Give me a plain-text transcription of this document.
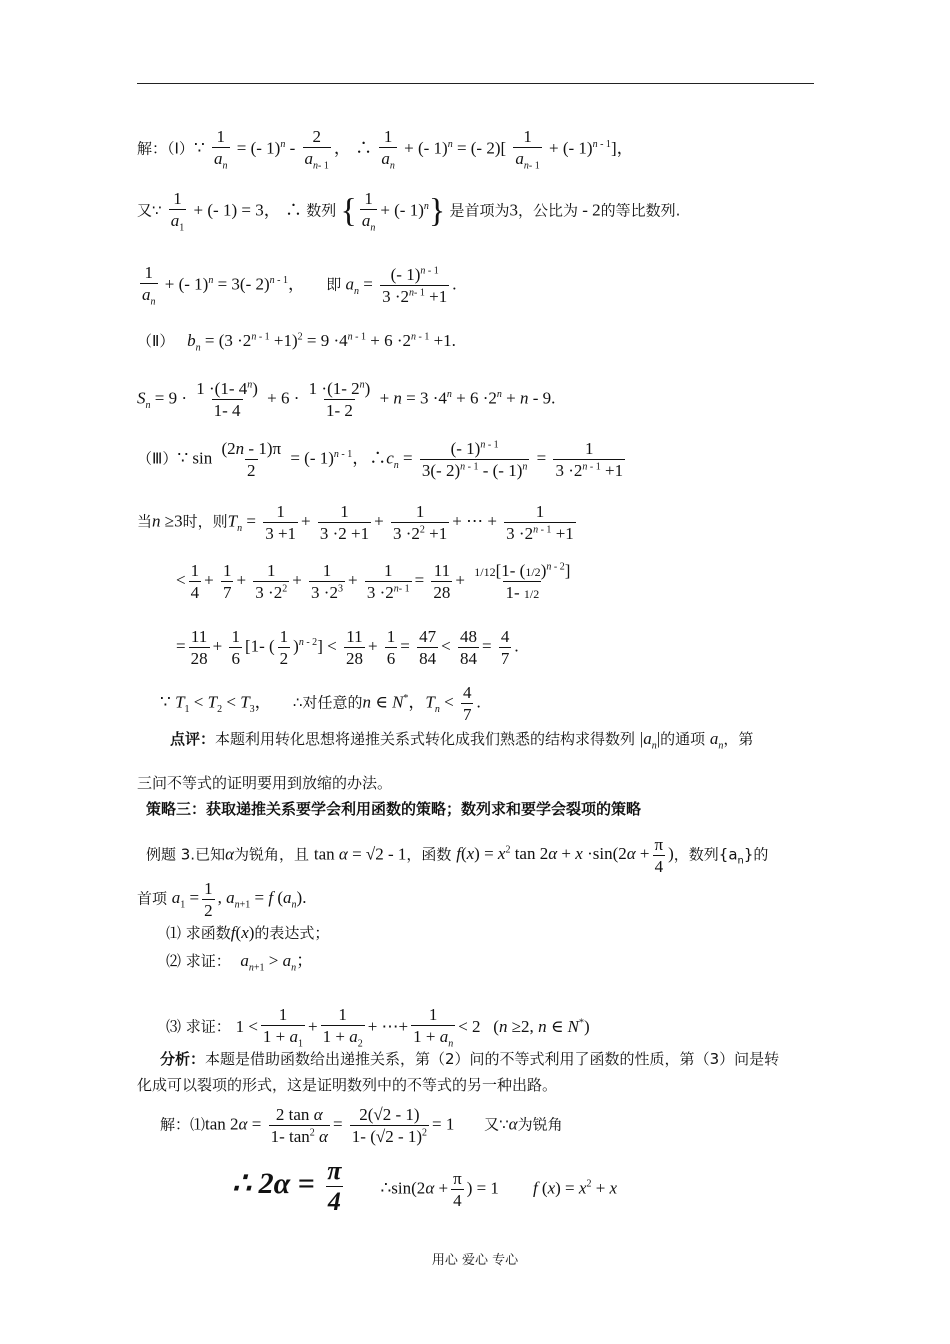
解：（Ⅰ）∵ $\frac{1}{a_n}$ = (- $1)^n - \frac{2}{a_{n- 1}}$ ， ∴ $\frac{1}{a_n}$ + (- 1)$^n$ = (- $2)[ \frac{1}{a_{n- 1}}$ + (- 1)$^n$ $^{- 1}$]，
又∵ $\frac{1}{a_1}$ + (- 1) = 3， ∴ 数列 { $\frac{1}{a_n}$ + (- 1)$^n$} 是首项为3，公比为 - 2的等比数列.
$\frac{1}{a_n}$ + (- 1)$^n$ = 3(- 2)$^n$ $^{- 1}$，     即 $a_n = \frac{(- 1)^n ^{- 1}}{3 \cdot 2^{n- 1} +1}$ .
（Ⅱ） $b_n = (3 \cdot 2^n$ $^{- 1} +1)^2 = 9 \cdot 4^n$ $^{- 1} + 6 \cdot 2^n$ $^{- 1}$ +1.
$S_n = 9 \cdot \frac{1 \cdot(1- 4^n)}{1- 4} + 6 \cdot \frac{1 \cdot(1- 2^n)}{1- 2} + n = 3 \cdot 4^n + 6 \cdot 2^n + n - 9$.
（Ⅲ）∵ $\sin \frac{(2n - 1)\pi}{2}$ = (- 1)$^n$ $^{- 1}$，$\therefore c_n = \frac{(- 1)^n ^{- 1}}{3(- 2)^n ^{- 1} - (- 1)^n} = \frac{1}{3 \cdot 2^n ^{- 1} +1}$
当n ≥3时，则$T_n = \frac{1}{3 +1} + \frac{1}{3 \cdot 2 +1} + \frac{1}{3 \cdot 2^2 +1}$ + ⋯ + $\frac{1}{3 \cdot 2^n ^{- 1} +1}$
< $\frac{1}{4} + \frac{1}{7} + \frac{1}{3 \cdot 2^2} + \frac{1}{3 \cdot 2^3} + \frac{1}{3 \cdot 2^{n- 1}} = \frac{11}{28} + \frac{1/12[1- (1/2)^n ^{- 2}]}{1- 1/2}$
= $\frac{11}{28} + \frac{1}{6} [1-$ ( $\frac{1}{2} )^n$ $^{- 2}] < \frac{11}{28} + \frac{1}{6} = \frac{47}{84} < \frac{48}{84} = \frac{4}{7}$ .
∵ $T_1 < T_2 < T_3$，     ∴对任意的n ∈ N*，$T_n < \frac{4}{7}$ .
点评：本题利用转化思想将递推关系式转化成我们熟悉的结构求得数列 $|a_n|$的通项 $a_n$，第
三问不等式的证明要用到放缩的办法。
策略三：获取递推关系要学会利用函数的策略；数列求和要学会裂项的策略
例题 3.已知α为锐角，且 tan α = √2 - 1，函数 $f(x) = x^2$ $\tan 2\alpha + x \cdot\sin(2\alpha + \frac{\pi}{4}$ )，数列$\{a_n\}$的
首项 $a_1 = \frac{1}{2}$ , $a_{n+1} = f$ $(a_n)$.
⑴ 求函数f(x)的表达式；
⑵ 求证： $a_{n+1} > a_n$；
⑶ 求证： $1 < \frac{1}{1 + a_1} + \frac{1}{1 + a_2}$ + ⋯+ $\frac{1}{1 + a_n} < 2$   (n ≥2, n ∈ N*)
分析：本题是借助函数给出递推关系，第（2）问的不等式利用了函数的性质，第（3）问是转
化成可以裂项的形式，这是证明数列中的不等式的另一种出路。
解：⑴tan $2\alpha = \frac{\text{2 tan α}}{1- \tan^2 \alpha} = \frac{2(√2 - 1)}{1- (√2 - 1)^2} = 1$       又∵α为锐角
∴ $2\alpha = \frac{\pi}{4}$ ∴sin(2α + $\frac{\pi}{4}$ ) = 1        f $(x) = x^2 + x$
用心 爱心 专心
